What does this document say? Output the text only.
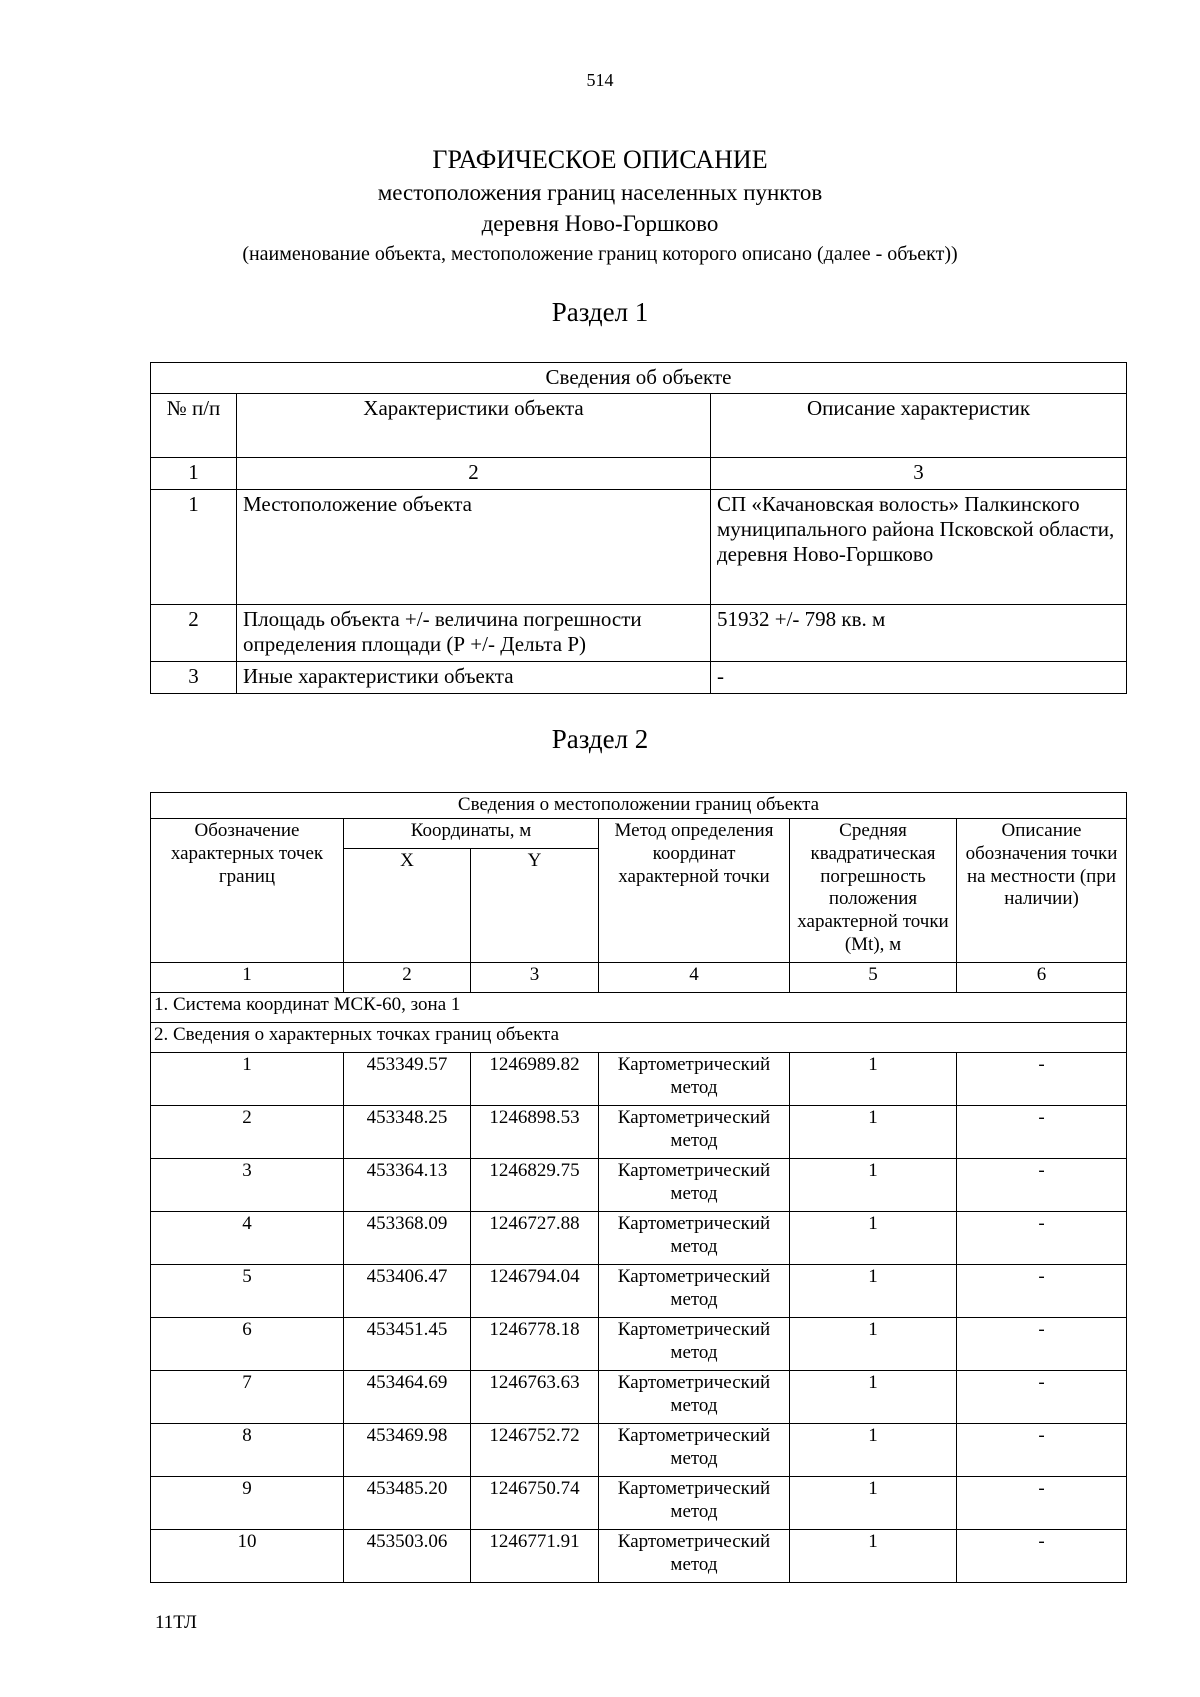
514
ГРАФИЧЕСКОЕ ОПИСАНИЕ
местоположения границ населенных пунктов
деревня Ново-Горшково
(наименование объекта, местоположение границ которого описано (далее - объект))
Раздел 1
Сведения об объекте		
№ п/п	Характеристики объекта	Описание характеристик
1	2	3
1	Местоположение объекта	СП «Качановская волость» Палкинского муниципального района Псковской области, деревня Ново-Горшково
2	Площадь объекта +/- величина погрешности определения площади (Р +/- Дельта Р)	51932 +/- 798 кв. м
3	Иные характеристики объекта	-
Раздел 2
Сведения о местоположении границ объекта					
Обозначение характерных точек границ	Координаты, м		Метод определения координат характерной точки	Средняя квадратическая погрешность положения характерной точки (Mt), м	Описание обозначения точки на местности (при наличии)
	X	Y			
1	2	3	4	5	6
1. Система координат МСК-60, зона 1					
2. Сведения о характерных точках границ объекта					
1	453349.57	1246989.82	Картометрический метод	1	-
2	453348.25	1246898.53	Картометрический метод	1	-
3	453364.13	1246829.75	Картометрический метод	1	-
4	453368.09	1246727.88	Картометрический метод	1	-
5	453406.47	1246794.04	Картометрический метод	1	-
6	453451.45	1246778.18	Картометрический метод	1	-
7	453464.69	1246763.63	Картометрический метод	1	-
8	453469.98	1246752.72	Картометрический метод	1	-
9	453485.20	1246750.74	Картометрический метод	1	-
10	453503.06	1246771.91	Картометрический метод	1	-
11ТЛ
